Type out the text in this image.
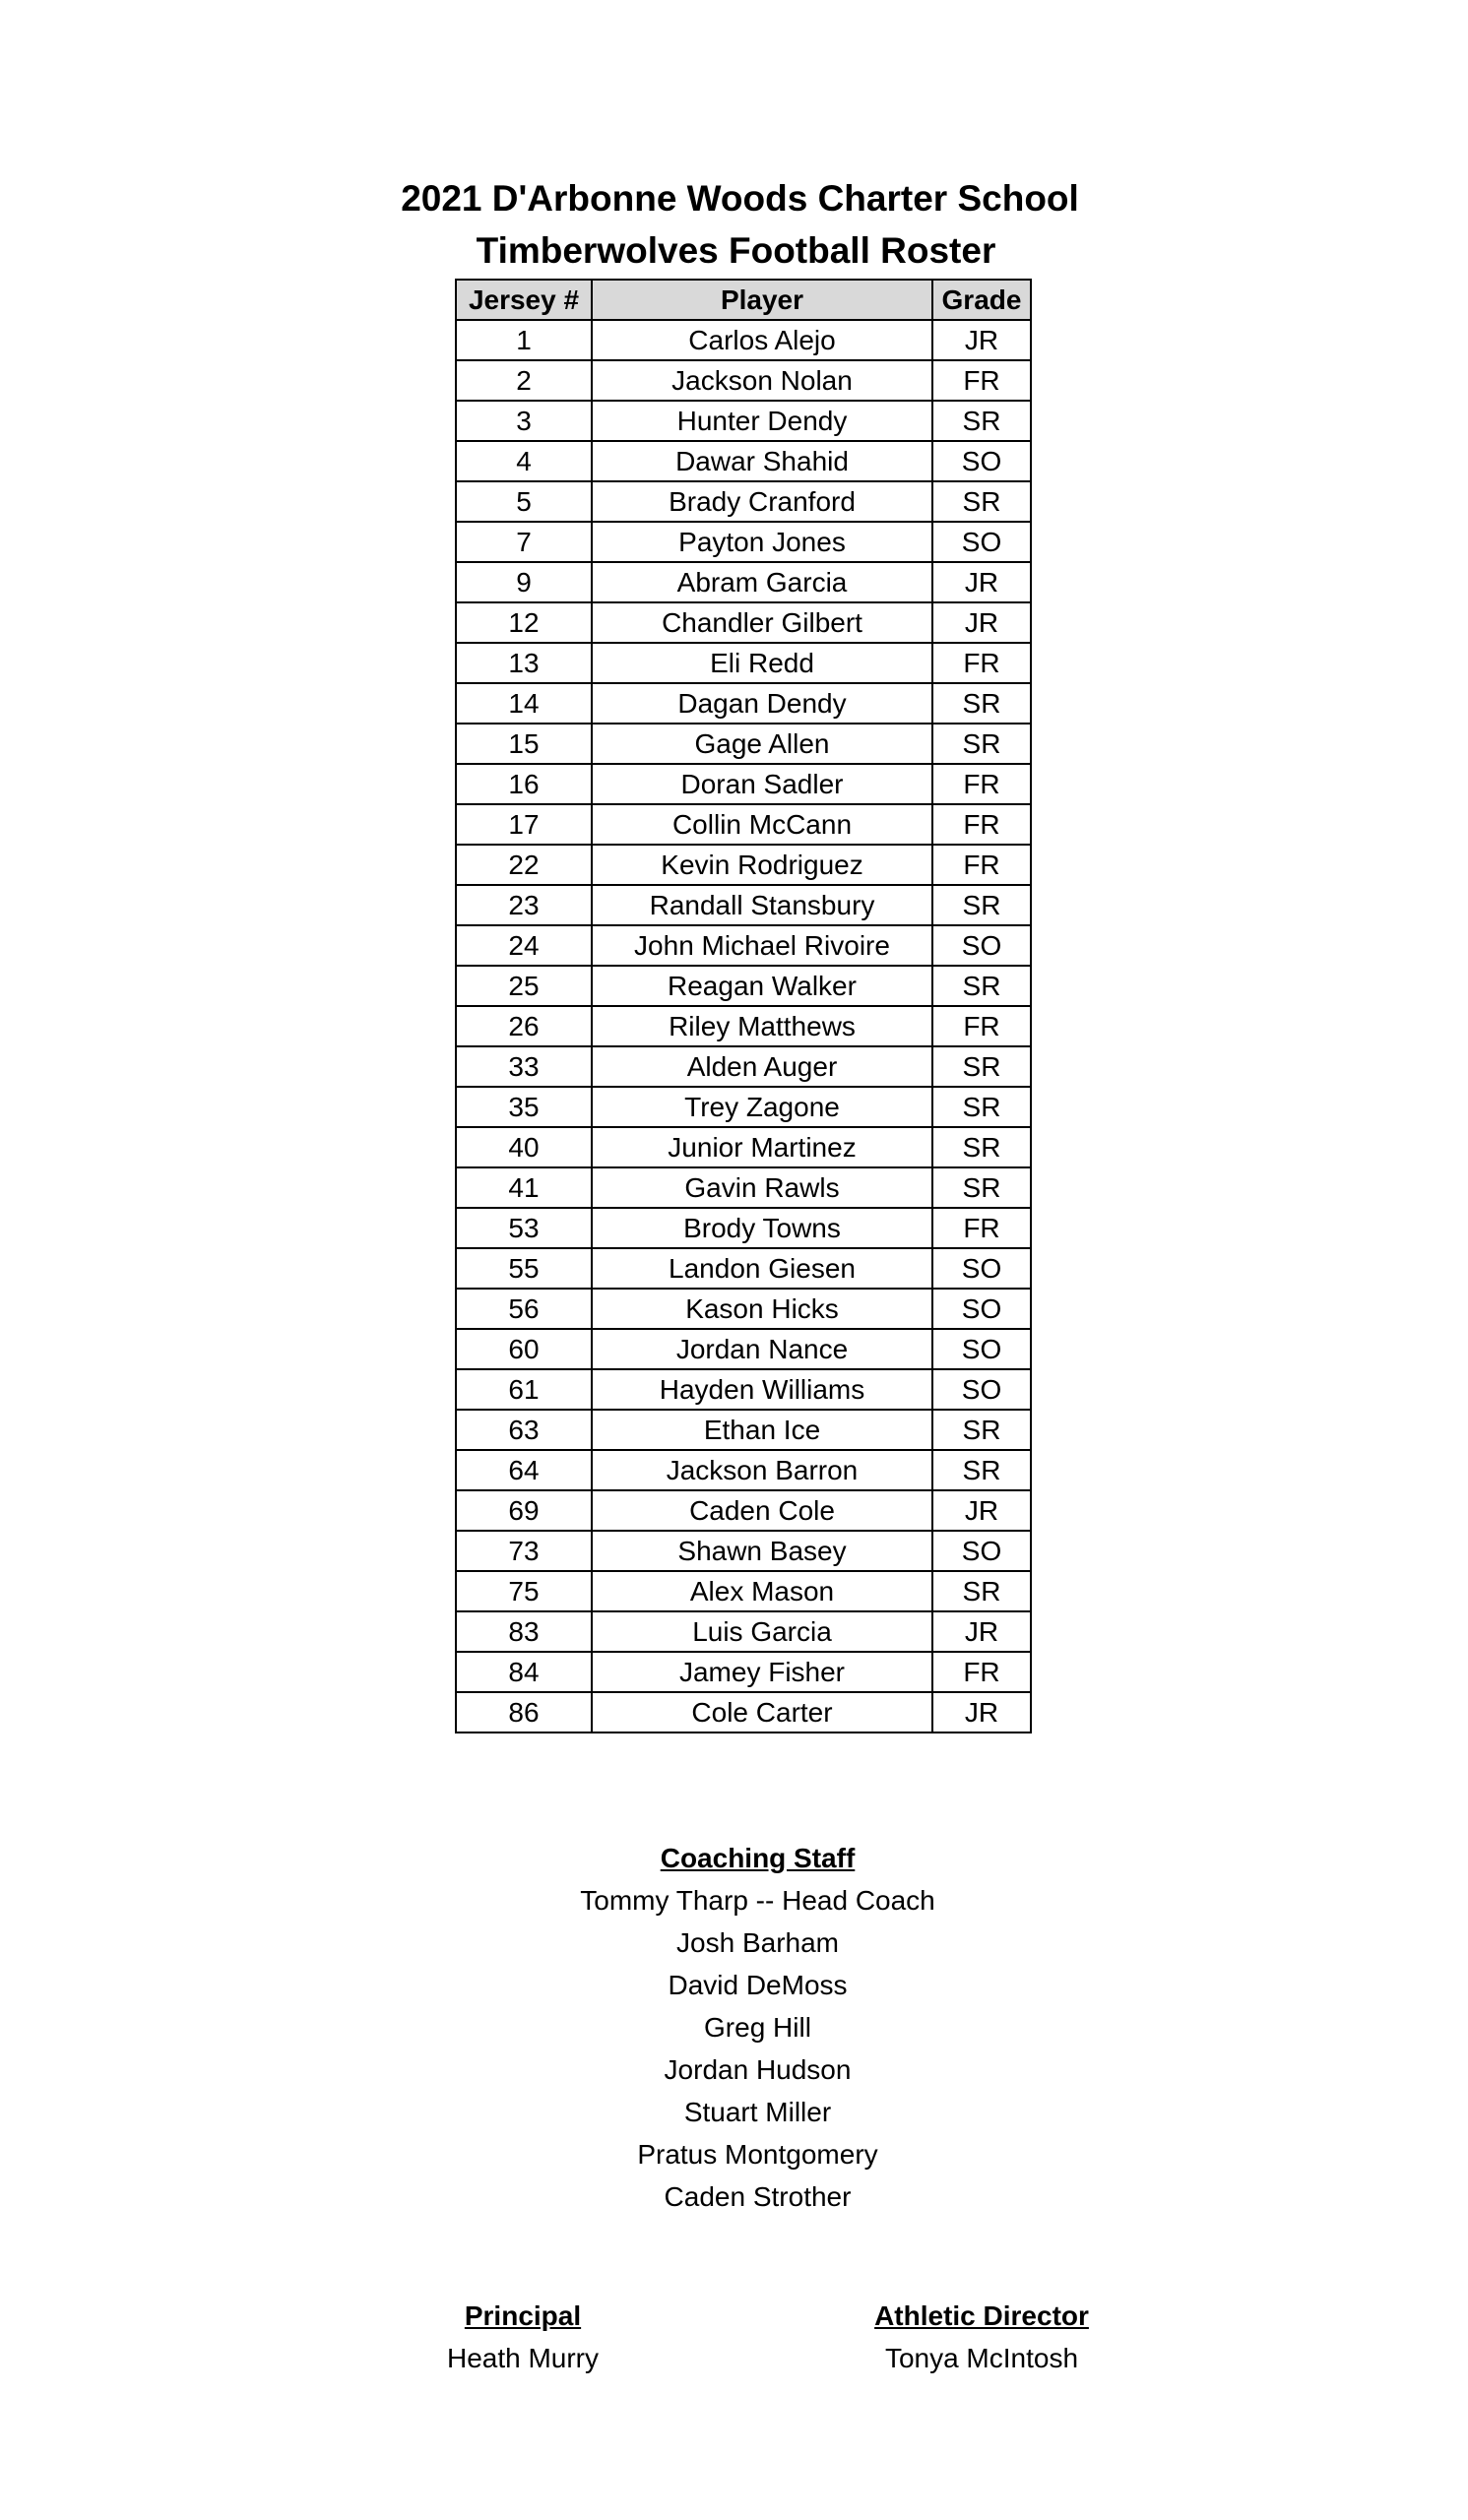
2021 D'Arbonne Woods Charter School
Timberwolves Football Roster
Jersey #	Player	Grade
1	Carlos Alejo	JR
2	Jackson Nolan	FR
3	Hunter Dendy	SR
4	Dawar Shahid	SO
5	Brady Cranford	SR
7	Payton Jones	SO
9	Abram Garcia	JR
12	Chandler Gilbert	JR
13	Eli Redd	FR
14	Dagan Dendy	SR
15	Gage Allen	SR
16	Doran Sadler	FR
17	Collin McCann	FR
22	Kevin Rodriguez	FR
23	Randall Stansbury	SR
24	John Michael Rivoire	SO
25	Reagan Walker	SR
26	Riley Matthews	FR
33	Alden Auger	SR
35	Trey Zagone	SR
40	Junior Martinez	SR
41	Gavin Rawls	SR
53	Brody Towns	FR
55	Landon Giesen	SO
56	Kason Hicks	SO
60	Jordan Nance	SO
61	Hayden Williams	SO
63	Ethan Ice	SR
64	Jackson Barron	SR
69	Caden Cole	JR
73	Shawn Basey	SO
75	Alex Mason	SR
83	Luis Garcia	JR
84	Jamey Fisher	FR
86	Cole Carter	JR
Coaching Staff
Tommy Tharp -- Head Coach
Josh Barham
David DeMoss
Greg Hill
Jordan Hudson
Stuart Miller
Pratus Montgomery
Caden Strother
Principal
Heath Murry
Athletic Director
Tonya McIntosh
